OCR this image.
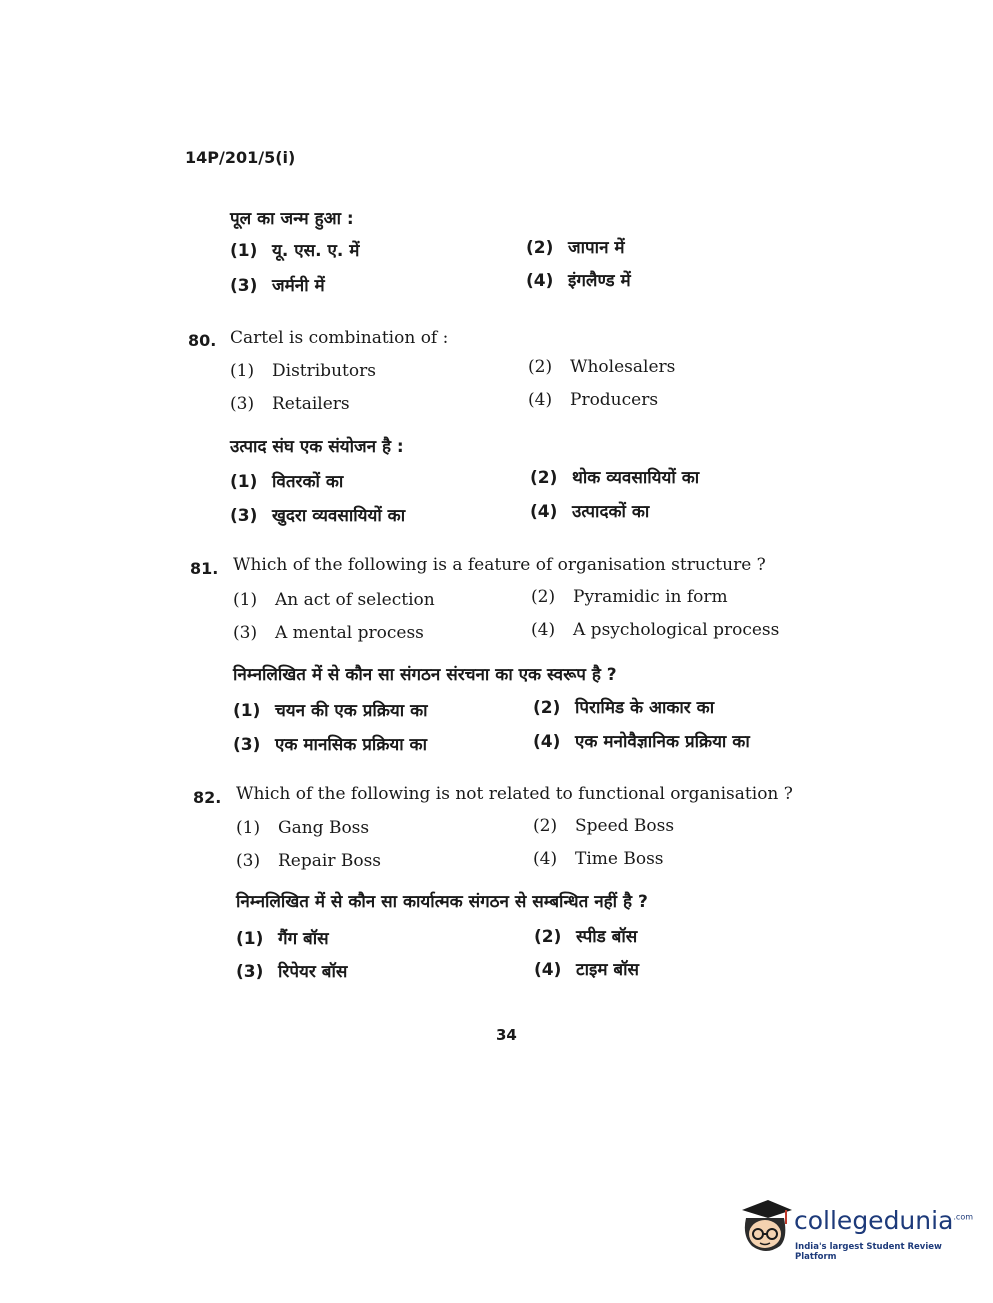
14P/201/5(i)
पूल का जन्म हुआ :
(1) यू. एस. ए. में	(2) जापान में
(3) जर्मनी में	(4) इंगलैण्ड में
80. Cartel is combination of :
(1) Distributors	(2) Wholesalers
(3) Retailers	(4) Producers
उत्पाद संघ एक संयोजन है :
(1) वितरकों का	(2) थोक व्यवसायियों का
(3) खुदरा व्यवसायियों का	(4) उत्पादकों का
81. Which of the following is a feature of organisation structure ?
(1) An act of selection	(2) Pyramidic in form
(3) A mental process	(4) A psychological process
निम्नलिखित में से कौन सा संगठन संरचना का एक स्वरूप है ?
(1) चयन की एक प्रक्रिया का	(2) पिरामिड के आकार का
(3) एक मानसिक प्रक्रिया का	(4) एक मनोवैज्ञानिक प्रक्रिया का
82. Which of the following is not related to functional organisation ?
(1) Gang Boss	(2) Speed Boss
(3) Repair Boss	(4) Time Boss
निम्नलिखित में से कौन सा कार्यात्मक संगठन से सम्बन्धित नहीं है ?
(1) गैंग बॉस	(2) स्पीड बॉस
(3) रिपेयर बॉस	(4) टाइम बॉस
34
collegedunia$^{.com}$
India's largest Student Review Platform
